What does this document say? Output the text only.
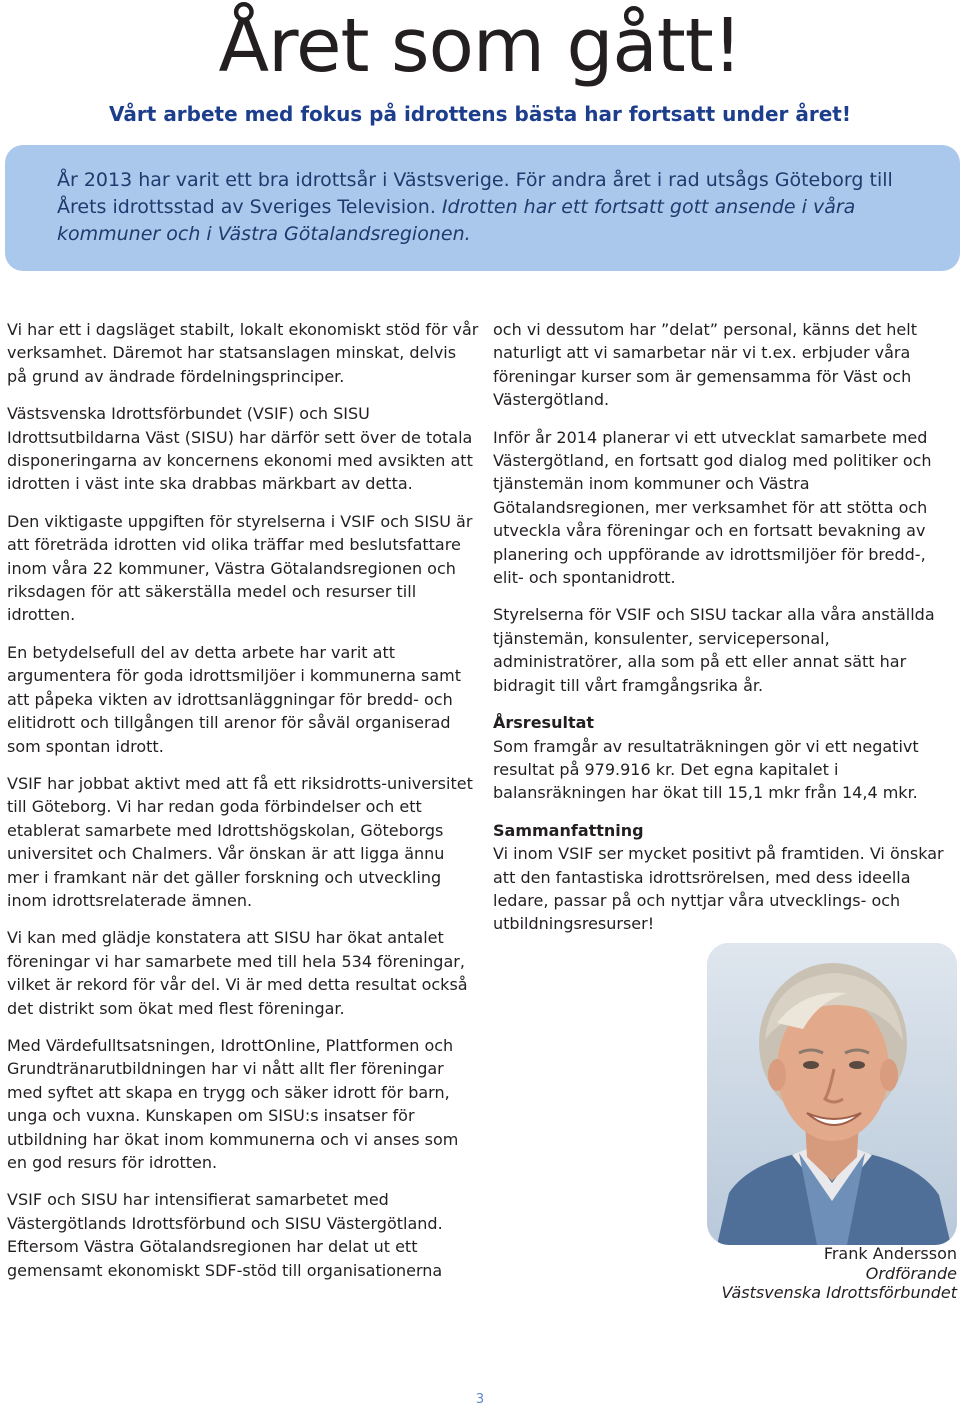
Året som gått!

Vårt arbete med fokus på idrottens bästa har fortsatt under året!

År 2013 har varit ett bra idrottsår i Västsverige. För andra året i rad utsågs Göteborg till Årets idrottsstad av Sveriges Television. Idrotten har ett fortsatt gott ansende i våra kommuner och i Västra Götalandsregionen.

Vi har ett i dagsläget stabilt, lokalt ekonomiskt stöd för vår verksamhet. Däremot har statsanslagen minskat, delvis på grund av ändrade fördelningsprinciper.

Västsvenska Idrottsförbundet (VSIF) och SISU Idrottsutbildarna Väst (SISU) har därför sett över de totala disponeringarna av koncernens ekonomi med avsikten att idrotten i väst inte ska drabbas märkbart av detta.

Den viktigaste uppgiften för styrelserna i VSIF och SISU är att företräda idrotten vid olika träffar med beslutsfattare inom våra 22 kommuner, Västra Götalandsregionen och riksdagen för att säkerställa medel och resurser till idrotten.

En betydelsefull del av detta arbete har varit att argumentera för goda idrottsmiljöer i kommunerna samt att påpeka vikten av idrottsanläggningar för bredd- och elitidrott och tillgången till arenor för såväl organiserad som spontan idrott.

VSIF har jobbat aktivt med att få ett riksidrotts-universitet till Göteborg. Vi har redan goda förbindelser och ett etablerat samarbete med Idrottshögskolan, Göteborgs universitet och Chalmers. Vår önskan är att ligga ännu mer i framkant när det gäller forskning och utveckling inom idrottsrelaterade ämnen.

Vi kan med glädje konstatera att SISU har ökat antalet föreningar vi har samarbete med till hela 534 föreningar, vilket är rekord för vår del. Vi är med detta resultat också det distrikt som ökat med flest föreningar.

Med Värdefulltsatsningen, IdrottOnline, Plattformen och Grundtränarutbildningen har vi nått allt fler föreningar med syftet att skapa en trygg och säker idrott för barn, unga och vuxna. Kunskapen om SISU:s insatser för utbildning har ökat inom kommunerna och vi anses som en god resurs för idrotten.

VSIF och SISU har intensifierat samarbetet med Västergötlands Idrottsförbund och SISU Västergötland. Eftersom Västra Götalandsregionen har delat ut ett gemensamt ekonomiskt SDF-stöd till organisationerna

och vi dessutom har ”delat” personal, känns det helt naturligt att vi samarbetar när vi t.ex. erbjuder våra föreningar kurser som är gemensamma för Väst och Västergötland.

Inför år 2014 planerar vi ett utvecklat samarbete med Västergötland, en fortsatt god dialog med politiker och tjänstemän inom kommuner och Västra Götalandsregionen, mer verksamhet för att stötta och utveckla våra föreningar och en fortsatt bevakning av planering och uppförande av idrottsmiljöer för bredd-, elit- och spontanidrott.

Styrelserna för VSIF och SISU tackar alla våra anställda tjänstemän, konsulenter, servicepersonal, administratörer, alla som på ett eller annat sätt har bidragit till vårt framgångsrika år.

Årsresultat
Som framgår av resultaträkningen gör vi ett negativt resultat på 979.916 kr. Det egna kapitalet i balansräkningen har ökat till 15,1 mkr från 14,4 mkr.
Sammanfattning
Vi inom VSIF ser mycket positivt på framtiden. Vi önskar att den fantastiska idrottsrörelsen, med dess ideella ledare, passar på och nyttjar våra utvecklings- och utbildningsresurser!
Frank Andersson
Ordförande
Västsvenska Idrottsförbundet
3
